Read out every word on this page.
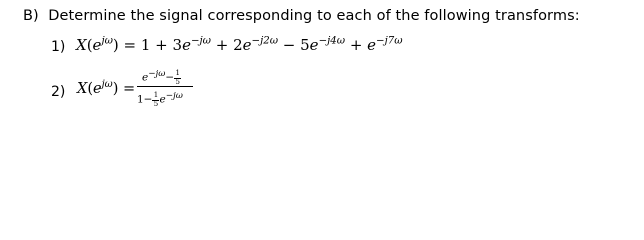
B)  Determine the signal corresponding to each of the following transforms:
1) $X(e^{j\omega}) = 1 + 3e^{-j\omega} + 2e^{-j2\omega} - 5e^{-j4\omega} + e^{-j7\omega}$
2) $X(e^{j\omega})$ =
$e^{-j\omega}- \frac{1}{5}$
$1- \frac{1}{5} e^{-j\omega}$
